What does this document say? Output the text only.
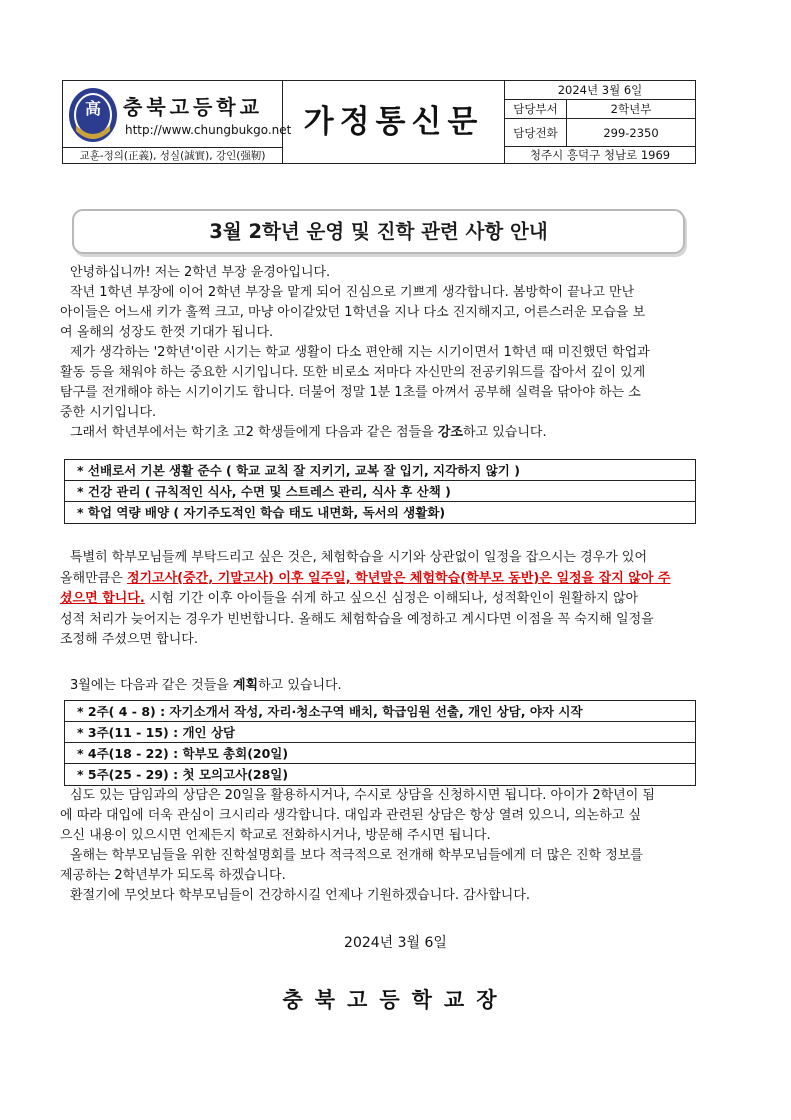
高 충북고등학교
http://www.chungbukgo.net
교훈-정의(正義), 성실(誠實), 강인(强靭)
가정통신문
2024년 3월 6일
담당부서	2학년부
담당전화	299-2350
청주시 흥덕구 청남로 1969
3월 2학년 운영 및 진학 관련 사항 안내

안녕하십니까! 저는 2학년 부장 윤경아입니다.

작년 1학년 부장에 이어 2학년 부장을 맡게 되어 진심으로 기쁘게 생각합니다. 봄방학이 끝나고 만난
아이들은 어느새 키가 훌쩍 크고, 마냥 아이같았던 1학년을 지나 다소 진지해지고, 어른스러운 모습을 보
여 올해의 성장도 한껏 기대가 됩니다.

제가 생각하는 '2학년'이란 시기는 학교 생활이 다소 편안해 지는 시기이면서 1학년 때 미진했던 학업과
활동 등을 채워야 하는 중요한 시기입니다. 또한 비로소 저마다 자신만의 전공키워드를 잡아서 깊이 있게
탐구를 전개해야 하는 시기이기도 합니다. 더불어 정말 1분 1초를 아껴서 공부해 실력을 닦아야 하는 소
중한 시기입니다.

그래서 학년부에서는 학기초 고2 학생들에게 다음과 같은 점들을 강조하고 있습니다.

* 선배로서 기본 생활 준수 ( 학교 교칙 잘 지키기, 교복 잘 입기, 지각하지 않기 )
* 건강 관리 ( 규칙적인 식사, 수면 및 스트레스 관리, 식사 후 산책 )
* 학업 역량 배양 ( 자기주도적인 학습 태도 내면화, 독서의 생활화)

특별히 학부모님들께 부탁드리고 싶은 것은, 체험학습을 시기와 상관없이 일정을 잡으시는 경우가 있어
올해만큼은 정기고사(중간, 기말고사) 이후 일주일, 학년말은 체험학습(학부모 동반)은 일정을 잡지 않아 주
셨으면 합니다. 시험 기간 이후 아이들을 쉬게 하고 싶으신 심정은 이해되나, 성적확인이 원활하지 않아
성적 처리가 늦어지는 경우가 빈번합니다. 올해도 체험학습을 예정하고 계시다면 이점을 꼭 숙지해 일정을
조정해 주셨으면 합니다.

3월에는 다음과 같은 것들을 계획하고 있습니다.

* 2주( 4 - 8) : 자기소개서 작성, 자리·청소구역 배치, 학급임원 선출, 개인 상담, 야자 시작
* 3주(11 - 15) : 개인 상담
* 4주(18 - 22) : 학부모 총회(20일)
* 5주(25 - 29) : 첫 모의고사(28일)

심도 있는 담임과의 상담은 20일을 활용하시거나, 수시로 상담을 신청하시면 됩니다. 아이가 2학년이 됨
에 따라 대입에 더욱 관심이 크시리라 생각합니다. 대입과 관련된 상담은 항상 열려 있으니, 의논하고 싶
으신 내용이 있으시면 언제든지 학교로 전화하시거나, 방문해 주시면 됩니다.

올해는 학부모님들을 위한 진학설명회를 보다 적극적으로 전개해 학부모님들에게 더 많은 진학 정보를
제공하는 2학년부가 되도록 하겠습니다.

환절기에 무엇보다 학부모님들이 건강하시길 언제나 기원하겠습니다. 감사합니다.

2024년 3월 6일
충북고등학교장
